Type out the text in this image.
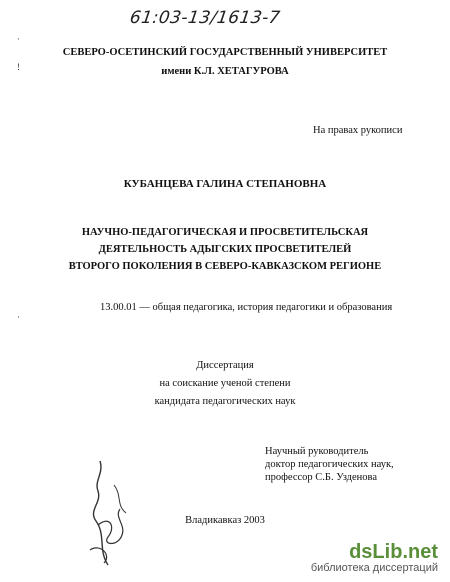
61:03-13/1613-7
·
!
·
СЕВЕРО-ОСЕТИНСКИЙ ГОСУДАРСТВЕННЫЙ УНИВЕРСИТЕТ
имени К.Л. ХЕТАГУРОВА
На правах рукописи
КУБАНЦЕВА ГАЛИНА СТЕПАНОВНА
НАУЧНО-ПЕДАГОГИЧЕСКАЯ И ПРОСВЕТИТЕЛЬСКАЯ
ДЕЯТЕЛЬНОСТЬ АДЫГСКИХ ПРОСВЕТИТЕЛЕЙ
ВТОРОГО ПОКОЛЕНИЯ В СЕВЕРО-КАВКАЗСКОМ РЕГИОНЕ
13.00.01 — общая педагогика, история педагогики и образования
Диссертация
на соискание ученой степени
кандидата педагогических наук
Научный руководитель
доктор педагогических наук,
профессор С.Б. Узденова
Владикавказ 2003
dsLib.net
библиотека диссертаций
